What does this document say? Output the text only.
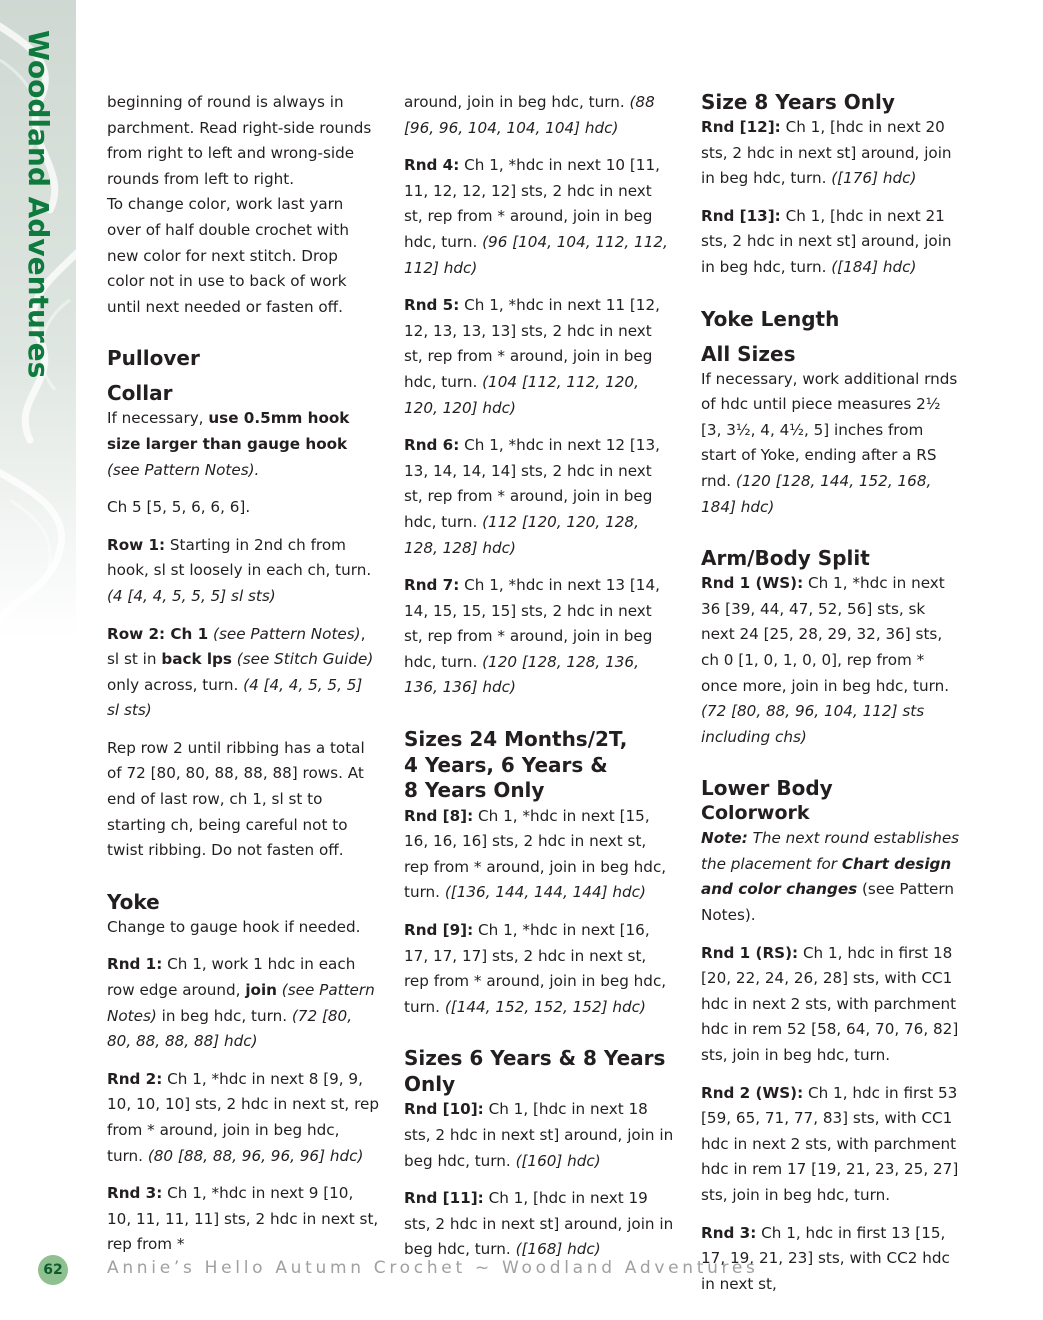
Woodland Adventures	beginning of round is always in parchment. Read right-side rounds from right to left and wrong-side rounds from left to right.

To change color, work last yarn over of half double crochet with new color for next stitch. Drop color not in use to back of work until next needed or fasten off.

Pullover
Collar

If necessary, use 0.5mm hook size larger than gauge hook (see Pattern Notes).

Ch 5 [5, 5, 6, 6, 6].

Row 1: Starting in 2nd ch from hook, sl st loosely in each ch, turn. (4 [4, 4, 5, 5, 5] sl sts)

Row 2: Ch 1 (see Pattern Notes), sl st in back lps (see Stitch Guide) only across, turn. (4 [4, 4, 5, 5, 5] sl sts)

Rep row 2 until ribbing has a total of 72 [80, 80, 88, 88, 88] rows. At end of last row, ch 1, sl st to starting ch, being careful not to twist ribbing. Do not fasten off.

Yoke

Change to gauge hook if needed.

Rnd 1: Ch 1, work 1 hdc in each row edge around, join (see Pattern Notes) in beg hdc, turn. (72 [80, 80, 88, 88, 88] hdc)

Rnd 2: Ch 1, *hdc in next 8 [9, 9, 10, 10, 10] sts, 2 hdc in next st, rep from * around, join in beg hdc, turn. (80 [88, 88, 96, 96, 96] hdc)

Rnd 3: Ch 1, *hdc in next 9 [10, 10, 11, 11, 11] sts, 2 hdc in next st, rep from *

around, join in beg hdc, turn. (88 [96, 96, 104, 104, 104] hdc)

Rnd 4: Ch 1, *hdc in next 10 [11, 11, 12, 12, 12] sts, 2 hdc in next st, rep from * around, join in beg hdc, turn. (96 [104, 104, 112, 112, 112] hdc)

Rnd 5: Ch 1, *hdc in next 11 [12, 12, 13, 13, 13] sts, 2 hdc in next st, rep from * around, join in beg hdc, turn. (104 [112, 112, 120, 120, 120] hdc)

Rnd 6: Ch 1, *hdc in next 12 [13, 13, 14, 14, 14] sts, 2 hdc in next st, rep from * around, join in beg hdc, turn. (112 [120, 120, 128, 128, 128] hdc)

Rnd 7: Ch 1, *hdc in next 13 [14, 14, 15, 15, 15] sts, 2 hdc in next st, rep from * around, join in beg hdc, turn. (120 [128, 128, 136, 136, 136] hdc)

Sizes 24 Months/2T,
4 Years, 6 Years &
8 Years Only

Rnd [8]: Ch 1, *hdc in next [15, 16, 16, 16] sts, 2 hdc in next st, rep from * around, join in beg hdc, turn. ([136, 144, 144, 144] hdc)

Rnd [9]: Ch 1, *hdc in next [16, 17, 17, 17] sts, 2 hdc in next st, rep from * around, join in beg hdc, turn. ([144, 152, 152, 152] hdc)

Sizes 6 Years & 8 Years
Only

Rnd [10]: Ch 1, [hdc in next 18 sts, 2 hdc in next st] around, join in beg hdc, turn. ([160] hdc)

Rnd [11]: Ch 1, [hdc in next 19 sts, 2 hdc in next st] around, join in beg hdc, turn. ([168] hdc)

Size 8 Years Only

Rnd [12]: Ch 1, [hdc in next 20 sts, 2 hdc in next st] around, join in beg hdc, turn. ([176] hdc)

Rnd [13]: Ch 1, [hdc in next 21 sts, 2 hdc in next st] around, join in beg hdc, turn. ([184] hdc)

Yoke Length
All Sizes

If necessary, work additional rnds of hdc until piece measures 2½ [3, 3½, 4, 4½, 5] inches from start of Yoke, ending after a RS rnd. (120 [128, 144, 152, 168, 184] hdc)

Arm/Body Split

Rnd 1 (WS): Ch 1, *hdc in next 36 [39, 44, 47, 52, 56] sts, sk next 24 [25, 28, 29, 32, 36] sts, ch 0 [1, 0, 1, 0, 0], rep from * once more, join in beg hdc, turn. (72 [80, 88, 96, 104, 112] sts including chs)

Lower Body
Colorwork

Note: The next round establishes the placement for Chart design and color changes (see Pattern Notes).

Rnd 1 (RS): Ch 1, hdc in first 18 [20, 22, 24, 26, 28] sts, with CC1 hdc in next 2 sts, with parchment hdc in rem 52 [58, 64, 70, 76, 82] sts, join in beg hdc, turn.

Rnd 2 (WS): Ch 1, hdc in first 53 [59, 65, 71, 77, 83] sts, with CC1 hdc in next 2 sts, with parchment hdc in rem 17 [19, 21, 23, 25, 27] sts, join in beg hdc, turn.

Rnd 3: Ch 1, hdc in first 13 [15, 17, 19, 21, 23] sts, with CC2 hdc in next st,

62	Annie’s Hello Autumn Crochet ~ Woodland Adventures
